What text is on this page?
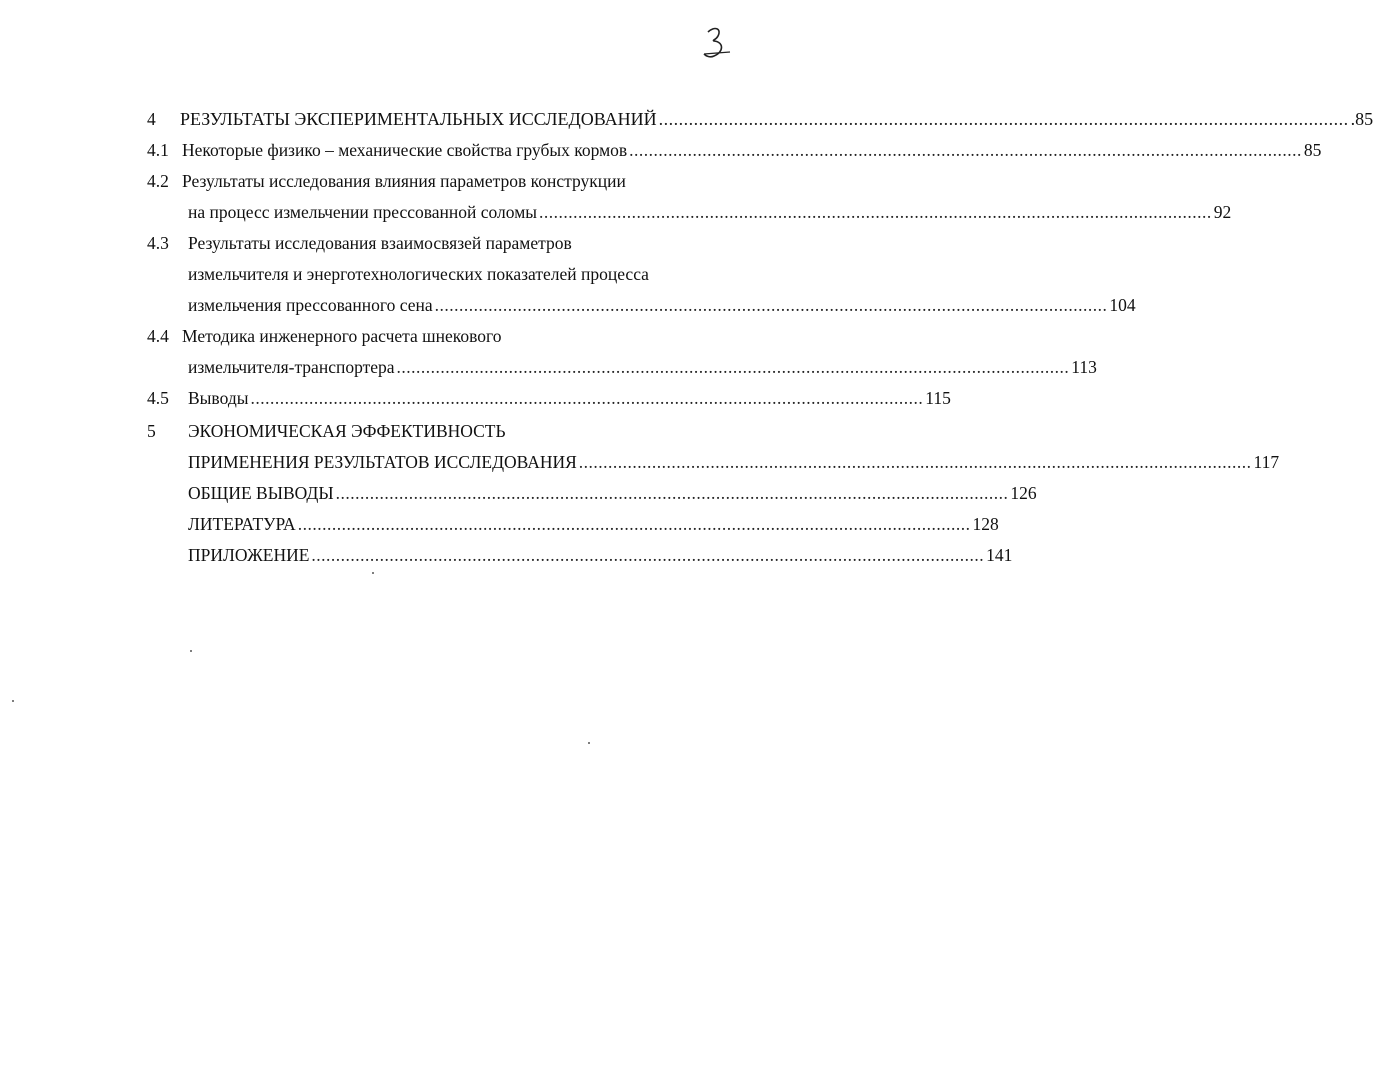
4 РЕЗУЛЬТАТЫ ЭКСПЕРИМЕНТАЛЬНЫХ ИССЛЕДОВАНИЙ .......................................................................................................................................... .85
4.1 Некоторые физико – механические свойства грубых кормов .......................................................................................................................................... 85
4.2 Результаты исследования влияния параметров конструкции
на процесс измельчении прессованной соломы .......................................................................................................................................... 92
4.3 Результаты исследования взаимосвязей параметров
измельчителя и энерготехнологических показателей процесса
измельчения прессованного сена .......................................................................................................................................... 104
4.4 Методика инженерного расчета шнекового
измельчителя-транспортера .......................................................................................................................................... 113
4.5 Выводы .......................................................................................................................................... 115
5 ЭКОНОМИЧЕСКАЯ ЭФФЕКТИВНОСТЬ
ПРИМЕНЕНИЯ РЕЗУЛЬТАТОВ ИССЛЕДОВАНИЯ .......................................................................................................................................... 117
ОБЩИЕ ВЫВОДЫ .......................................................................................................................................... 126
ЛИТЕРАТУРА .......................................................................................................................................... 128
ПРИЛОЖЕНИЕ .......................................................................................................................................... 141
